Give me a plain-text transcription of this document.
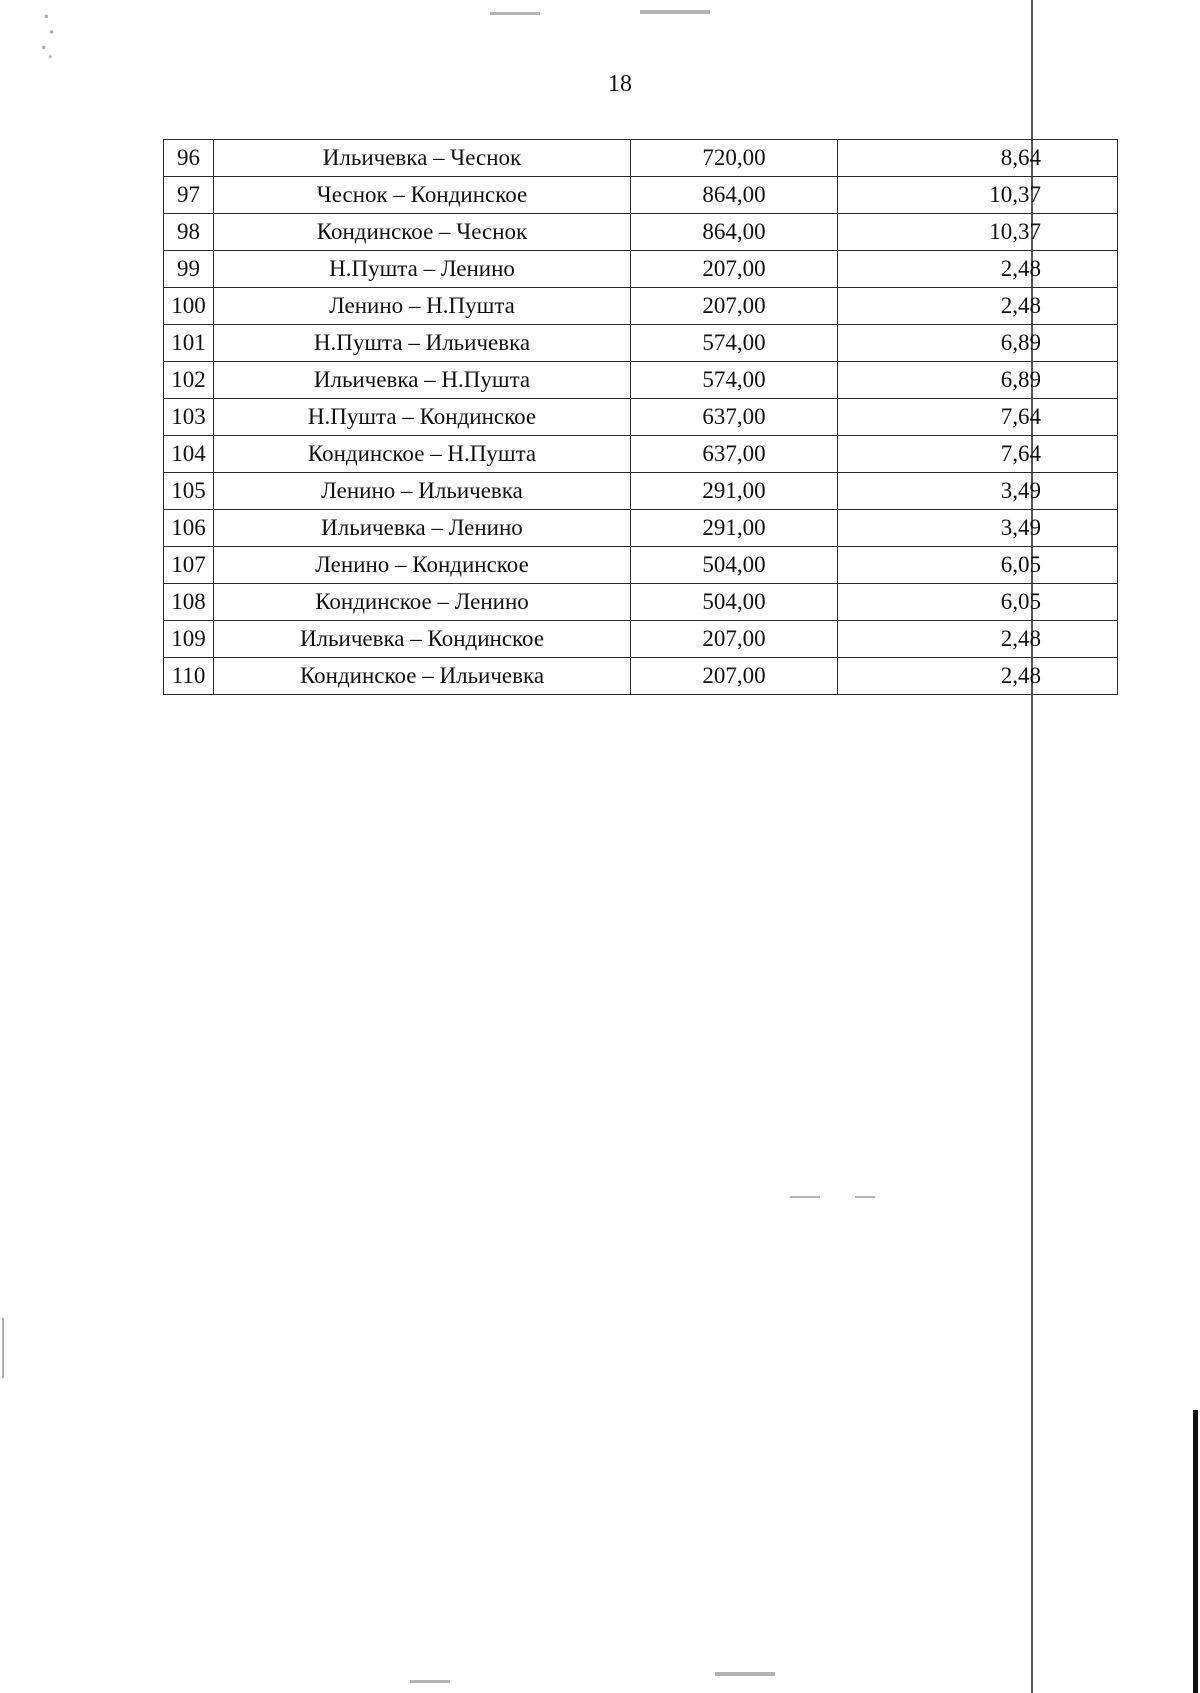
18
96	Ильичевка – Чеснок	720,00	8,64
97	Чеснок – Кондинское	864,00	10,37
98	Кондинское – Чеснок	864,00	10,37
99	Н.Пушта – Ленино	207,00	2,48
100	Ленино – Н.Пушта	207,00	2,48
101	Н.Пушта – Ильичевка	574,00	6,89
102	Ильичевка – Н.Пушта	574,00	6,89
103	Н.Пушта – Кондинское	637,00	7,64
104	Кондинское – Н.Пушта	637,00	7,64
105	Ленино – Ильичевка	291,00	3,49
106	Ильичевка – Ленино	291,00	3,49
107	Ленино – Кондинское	504,00	6,05
108	Кондинское – Ленино	504,00	6,05
109	Ильичевка – Кондинское	207,00	2,48
110	Кондинское – Ильичевка	207,00	2,48
